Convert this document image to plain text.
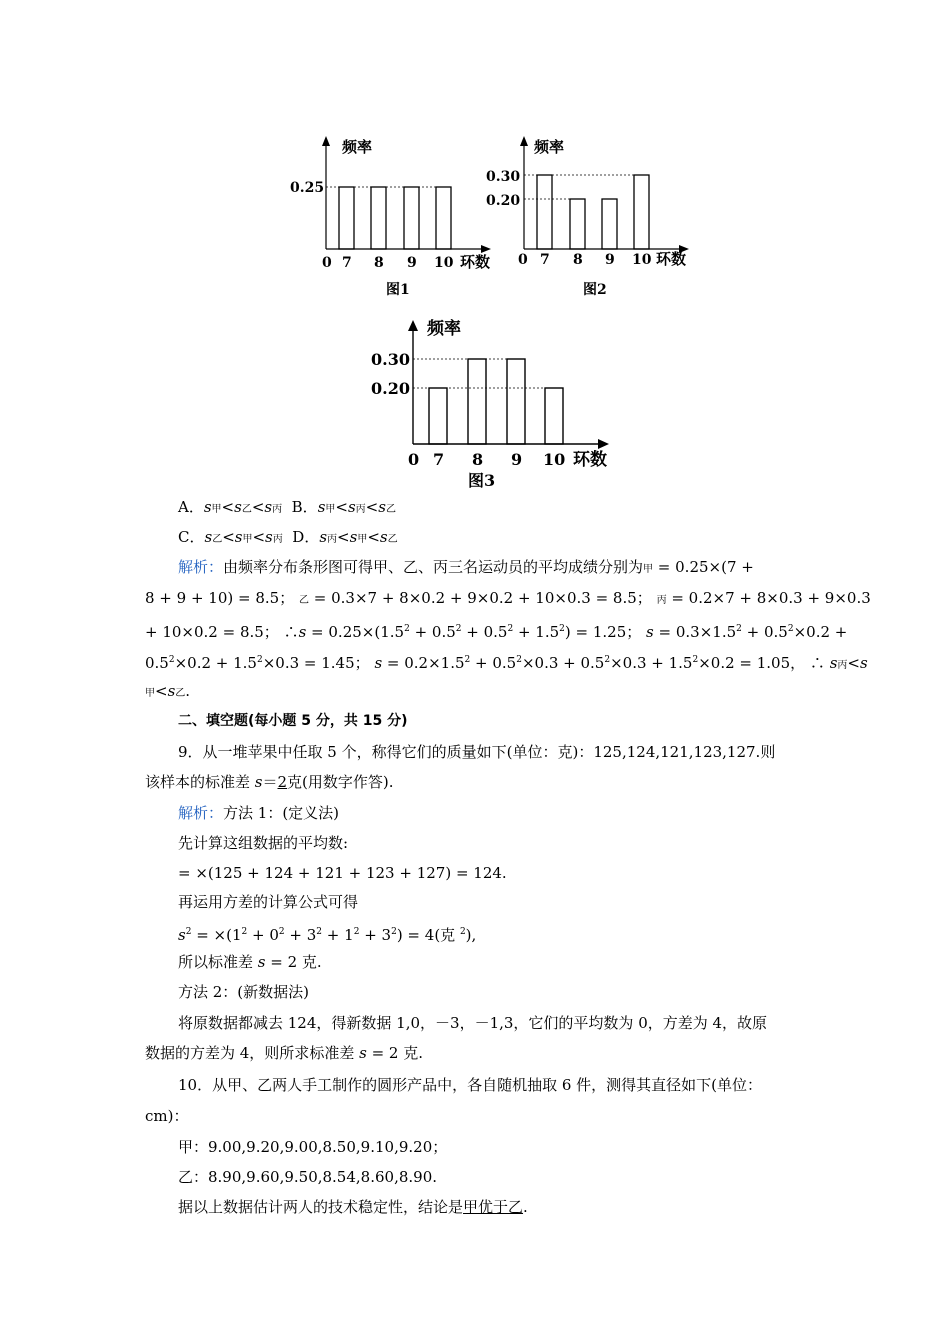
频率
0.25
0 7 8 9 10 环数
图1
频率
0.30
0.20
0 7 8 9 10 环数
图2
频率
0.30
0.20
0 7 8 9 10 环数
图3
A．s甲<s乙<s丙 B．s甲<s丙<s乙
C．s乙<s甲<s丙 D．s丙<s甲<s乙
解析：由频率分布条形图可得甲、乙、丙三名运动员的平均成绩分别为甲 = 0.25×(7 +
8 + 9 + 10) = 8.5； 乙 = 0.3×7 + 8×0.2 + 9×0.2 + 10×0.3 = 8.5； 丙 = 0.2×7 + 8×0.3 + 9×0.3
+ 10×0.2 = 8.5； ∴s = $0.25\times(1.5^2 + 0.5^2 + 0.5^2 + 1.5^2) = 1.25$； $s = 0.3\times 1.5^2 + 0.5^2\times 0.2$ +
$0.5^2\times 0.2 + 1.5^2\times 0.3 = 1.45$； $s = 0.2\times 1.5^2 + 0.5^2\times 0.3 + 0.5^2\times 0.3 + 1.5^2\times 0.2 = 1.05$， ∴ s丙<s
甲<s乙.
二、填空题(每小题 5 分，共 15 分)
9．从一堆苹果中任取 5 个，称得它们的质量如下(单位：克)：125,124,121,123,127.则
该样本的标准差 s＝2克(用数字作答).
解析：方法 1：(定义法)
先计算这组数据的平均数:
= ×(125 + 124 + 121 + 123 + 127) = 124.
再运用方差的计算公式可得
$s^2 = \times(1^2 + 0^2 + 3^2 + 1^2 + 3^2) = 4$(克 $^2$),
所以标准差 s = 2 克.
方法 2：(新数据法)
将原数据都减去 124，得新数据 1,0，－3，－1,3，它们的平均数为 0，方差为 4，故原
数据的方差为 4，则所求标准差 s = 2 克.
10．从甲、乙两人手工制作的圆形产品中，各自随机抽取 6 件，测得其直径如下(单位：
cm)：
甲：9.00,9.20,9.00,8.50,9.10,9.20；
乙：8.90,9.60,9.50,8.54,8.60,8.90.
据以上数据估计两人的技术稳定性，结论是甲优于乙.
